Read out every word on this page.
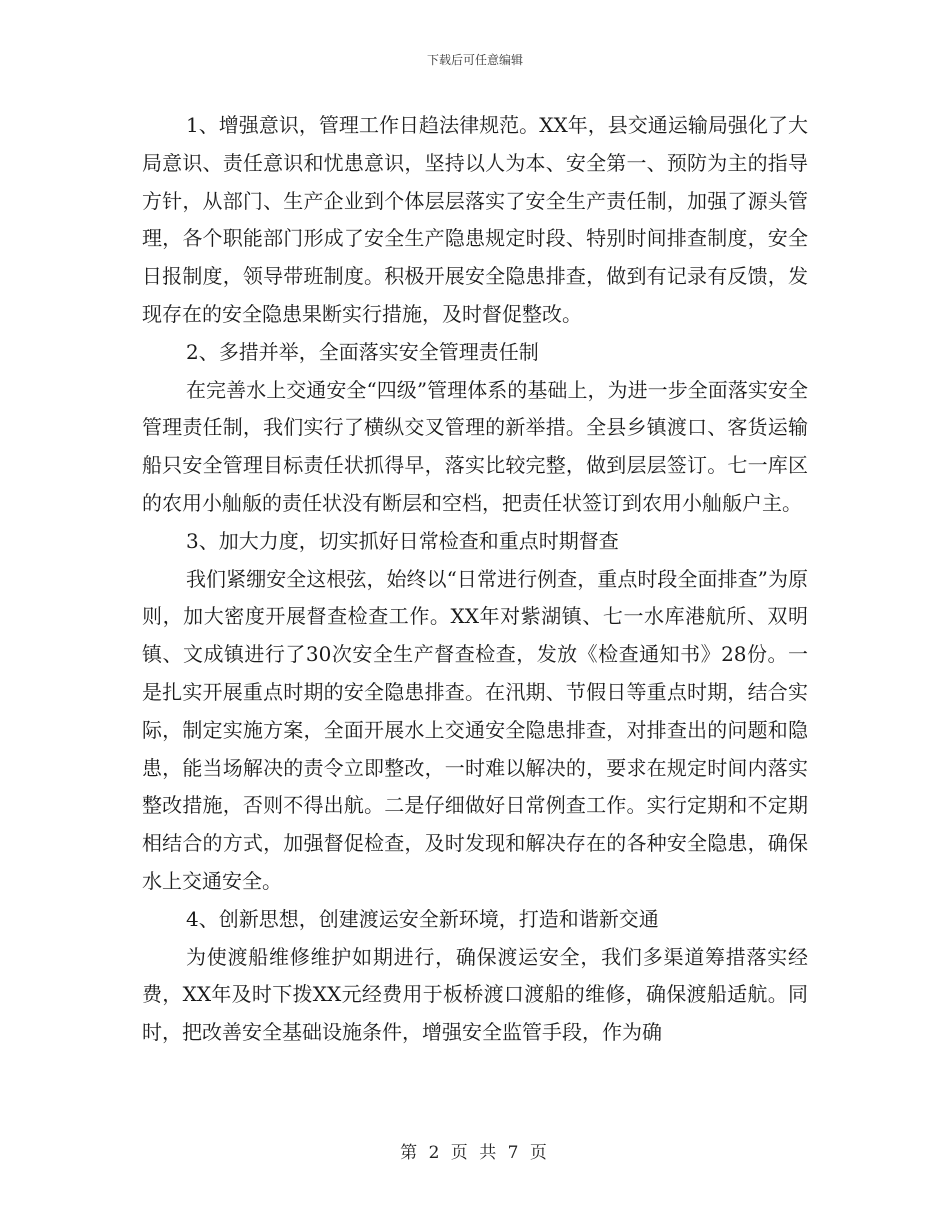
下载后可任意编辑

1、增强意识，管理工作日趋法律规范。XX年，县交通运输局强化了大局意识、责任意识和忧患意识，坚持以人为本、安全第一、预防为主的指导方针，从部门、生产企业到个体层层落实了安全生产责任制，加强了源头管理，各个职能部门形成了安全生产隐患规定时段、特别时间排查制度，安全日报制度，领导带班制度。积极开展安全隐患排查，做到有记录有反馈，发现存在的安全隐患果断实行措施，及时督促整改。

2、多措并举，全面落实安全管理责任制

在完善水上交通安全“四级”管理体系的基础上，为进一步全面落实安全管理责任制，我们实行了横纵交叉管理的新举措。全县乡镇渡口、客货运输船只安全管理目标责任状抓得早，落实比较完整，做到层层签订。七一库区的农用小舢舨的责任状没有断层和空档，把责任状签订到农用小舢舨户主。

3、加大力度，切实抓好日常检查和重点时期督查

我们紧绷安全这根弦，始终以“日常进行例查，重点时段全面排查”为原则，加大密度开展督查检查工作。XX年对紫湖镇、七一水库港航所、双明镇、文成镇进行了30次安全生产督查检查，发放《检查通知书》28份。一是扎实开展重点时期的安全隐患排查。在汛期、节假日等重点时期，结合实际，制定实施方案，全面开展水上交通安全隐患排查，对排查出的问题和隐患，能当场解决的责令立即整改，一时难以解决的，要求在规定时间内落实整改措施，否则不得出航。二是仔细做好日常例查工作。实行定期和不定期相结合的方式，加强督促检查，及时发现和解决存在的各种安全隐患，确保水上交通安全。

4、创新思想，创建渡运安全新环境，打造和谐新交通

为使渡船维修维护如期进行，确保渡运安全，我们多渠道筹措落实经费，XX年及时下拨XX元经费用于板桥渡口渡船的维修，确保渡船适航。同时，把改善安全基础设施条件，增强安全监管手段，作为确

第 2 页 共 7 页
